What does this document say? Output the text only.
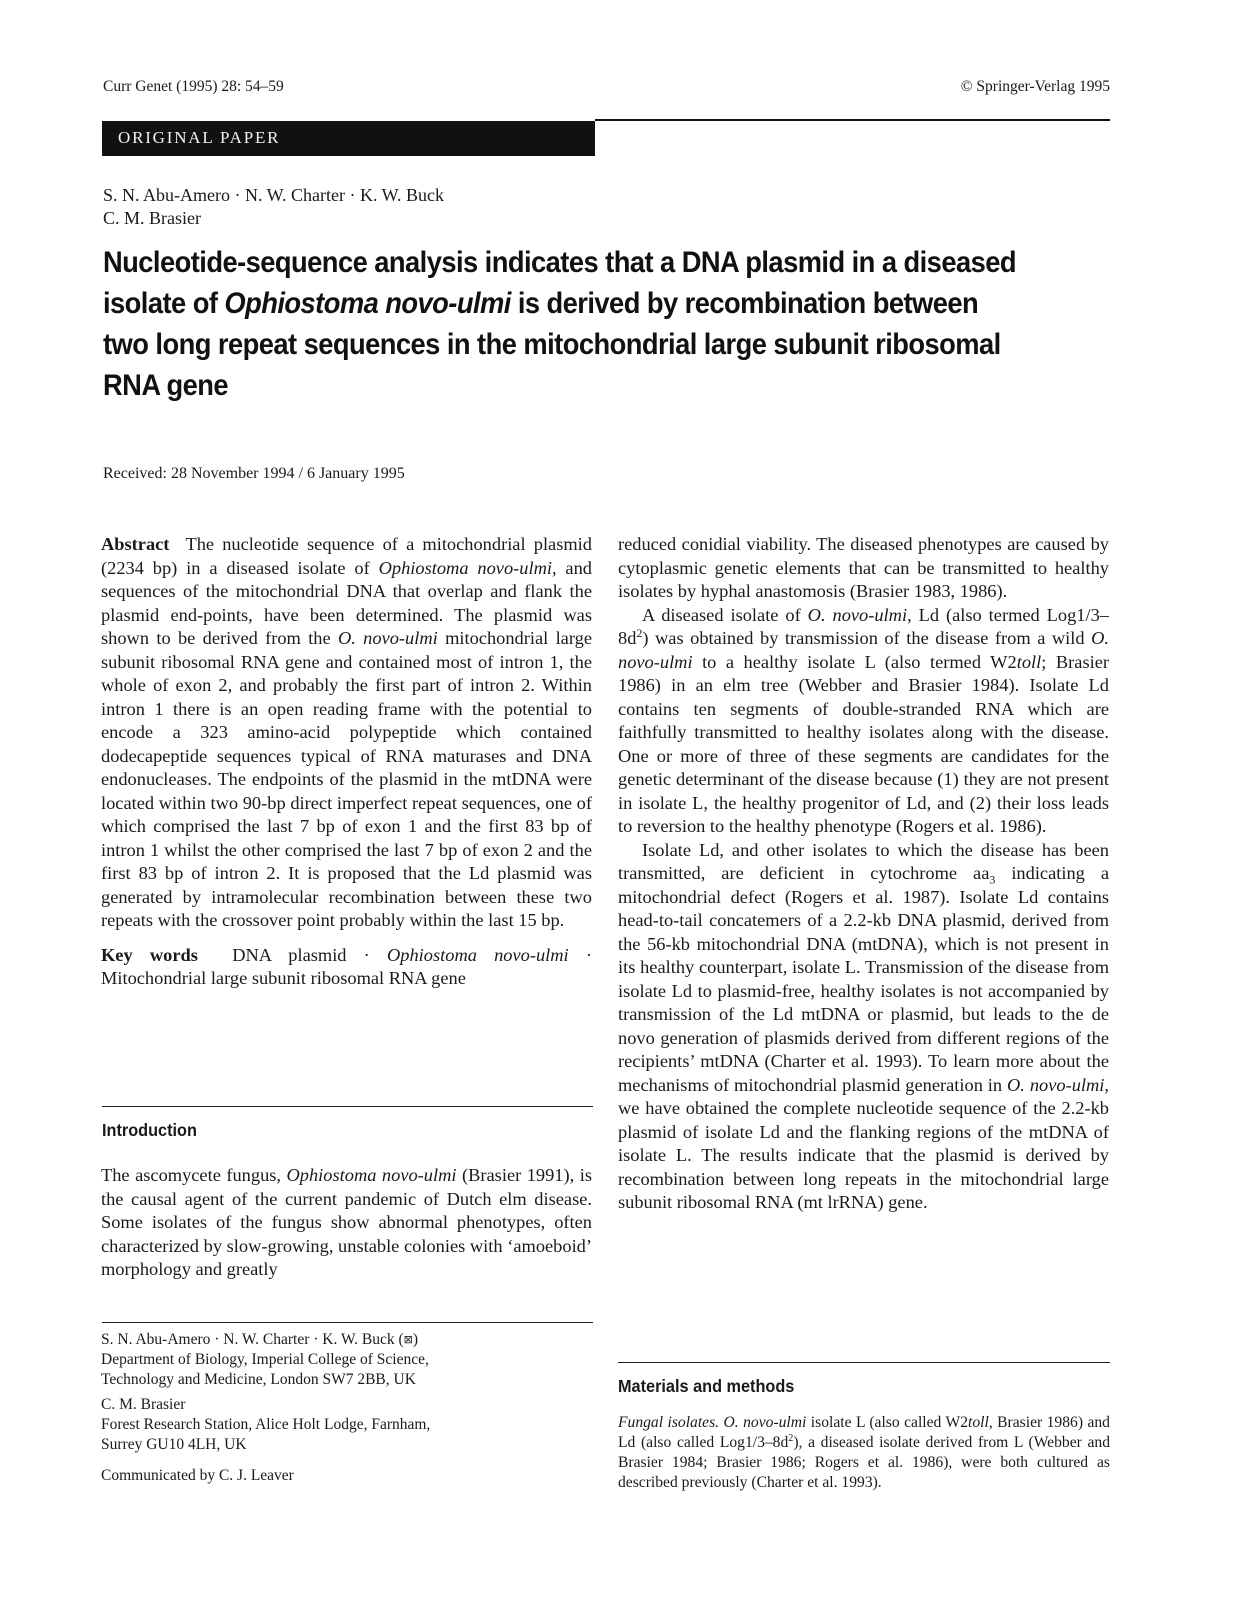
Curr Genet (1995) 28: 54–59	© Springer-Verlag 1995
ORIGINAL PAPER
S. N. Abu-Amero · N. W. Charter · K. W. Buck
C. M. Brasier
Nucleotide-sequence analysis indicates that a DNA plasmid in a diseased isolate of Ophiostoma novo-ulmi is derived by recombination between two long repeat sequences in the mitochondrial large subunit ribosomal RNA gene
Received: 28 November 1994 / 6 January 1995

Abstract The nucleotide sequence of a mitochondrial plasmid (2234 bp) in a diseased isolate of Ophiostoma novo-ulmi, and sequences of the mitochondrial DNA that overlap and flank the plasmid end-points, have been determined. The plasmid was shown to be derived from the O. novo-ulmi mitochondrial large subunit ribosomal RNA gene and contained most of intron 1, the whole of exon 2, and probably the first part of intron 2. Within intron 1 there is an open reading frame with the potential to encode a 323 amino-acid polypeptide which contained dodecapeptide sequences typical of RNA maturases and DNA endonucleases. The endpoints of the plasmid in the mtDNA were located within two 90-bp direct imperfect repeat sequences, one of which comprised the last 7 bp of exon 1 and the first 83 bp of intron 1 whilst the other comprised the last 7 bp of exon 2 and the first 83 bp of intron 2. It is proposed that the Ld plasmid was generated by intramolecular recombination between these two repeats with the crossover point probably within the last 15 bp.

Key words DNA plasmid · Ophiostoma novo-ulmi · Mitochondrial large subunit ribosomal RNA gene

Introduction

The ascomycete fungus, Ophiostoma novo-ulmi (Brasier 1991), is the causal agent of the current pandemic of Dutch elm disease. Some isolates of the fungus show abnormal phenotypes, often characterized by slow-growing, unstable colonies with ‘amoeboid’ morphology and greatly

S. N. Abu-Amero · N. W. Charter · K. W. Buck (⊠)

Department of Biology, Imperial College of Science,

Technology and Medicine, London SW7 2BB, UK

C. M. Brasier

Forest Research Station, Alice Holt Lodge, Farnham,

Surrey GU10 4LH, UK

Communicated by C. J. Leaver

reduced conidial viability. The diseased phenotypes are caused by cytoplasmic genetic elements that can be transmitted to healthy isolates by hyphal anastomosis (Brasier 1983, 1986).

A diseased isolate of O. novo-ulmi, Ld (also termed $Log1/3-8d^2$) was obtained by transmission of the disease from a wild O. novo-ulmi to a healthy isolate L (also termed W2toll; Brasier 1986) in an elm tree (Webber and Brasier 1984). Isolate Ld contains ten segments of double-stranded RNA which are faithfully transmitted to healthy isolates along with the disease. One or more of three of these segments are candidates for the genetic determinant of the disease because (1) they are not present in isolate L, the healthy progenitor of Ld, and (2) their loss leads to reversion to the healthy phenotype (Rogers et al. 1986).

Isolate Ld, and other isolates to which the disease has been transmitted, are deficient in cytochrome $aa_3$ indicating a mitochondrial defect (Rogers et al. 1987). Isolate Ld contains head-to-tail concatemers of a 2.2-kb DNA plasmid, derived from the 56-kb mitochondrial DNA (mtDNA), which is not present in its healthy counterpart, isolate L. Transmission of the disease from isolate Ld to plasmid-free, healthy isolates is not accompanied by transmission of the Ld mtDNA or plasmid, but leads to the de novo generation of plasmids derived from different regions of the recipients’ mtDNA (Charter et al. 1993). To learn more about the mechanisms of mitochondrial plasmid generation in O. novo-ulmi, we have obtained the complete nucleotide sequence of the 2.2-kb plasmid of isolate Ld and the flanking regions of the mtDNA of isolate L. The results indicate that the plasmid is derived by recombination between long repeats in the mitochondrial large subunit ribosomal RNA (mt lrRNA) gene.

Materials and methods

Fungal isolates. O. novo-ulmi isolate L (also called W2toll, Brasier 1986) and Ld (also called $Log1/3-8d^2$), a diseased isolate derived from L (Webber and Brasier 1984; Brasier 1986; Rogers et al. 1986), were both cultured as described previously (Charter et al. 1993).
